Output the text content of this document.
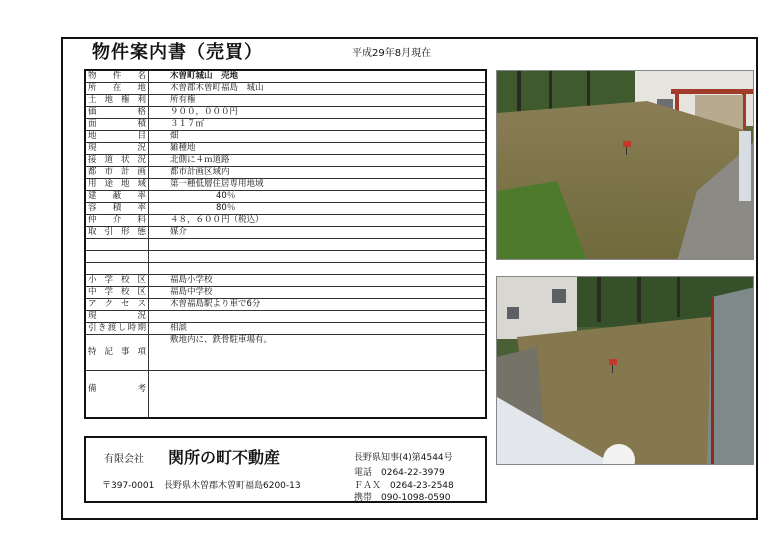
物件案内書（売買）	平成29年8月現在
物 件 名	木曽町城山　売地
所 在 地	木曽郡木曽町福島　城山
土 地 権 利	所有権
価	格	９００，０００円
面	積	３１７㎡
地	目	畑
現	況	雑種地
接 道 状 況	北側に４ｍ道路
都 市 計 画	都市計画区域内
用 途 地 域	第一種低層住居専用地域
建 蔽 率	40％
容 積 率	80％
仲 介 料	４８，６００円（税込）
取 引 形 態	媒介
小 学 校 区	福島小学校
中 学 校 区	福島中学校
ア ク セ ス	木曽福島駅より車で6分
現	況
引 き 渡 し 時 期	相談
特 記 事 項
敷地内に、鉄骨駐車場有。
備	考
有限会社 関所の町不動産	長野県知事(4)第4544号
電話　0264-22-3979
〒397-0001 長野県木曽郡木曽町福島6200-13	ＦＡＸ　0264-23-2548
携帯　090-1098-0590
